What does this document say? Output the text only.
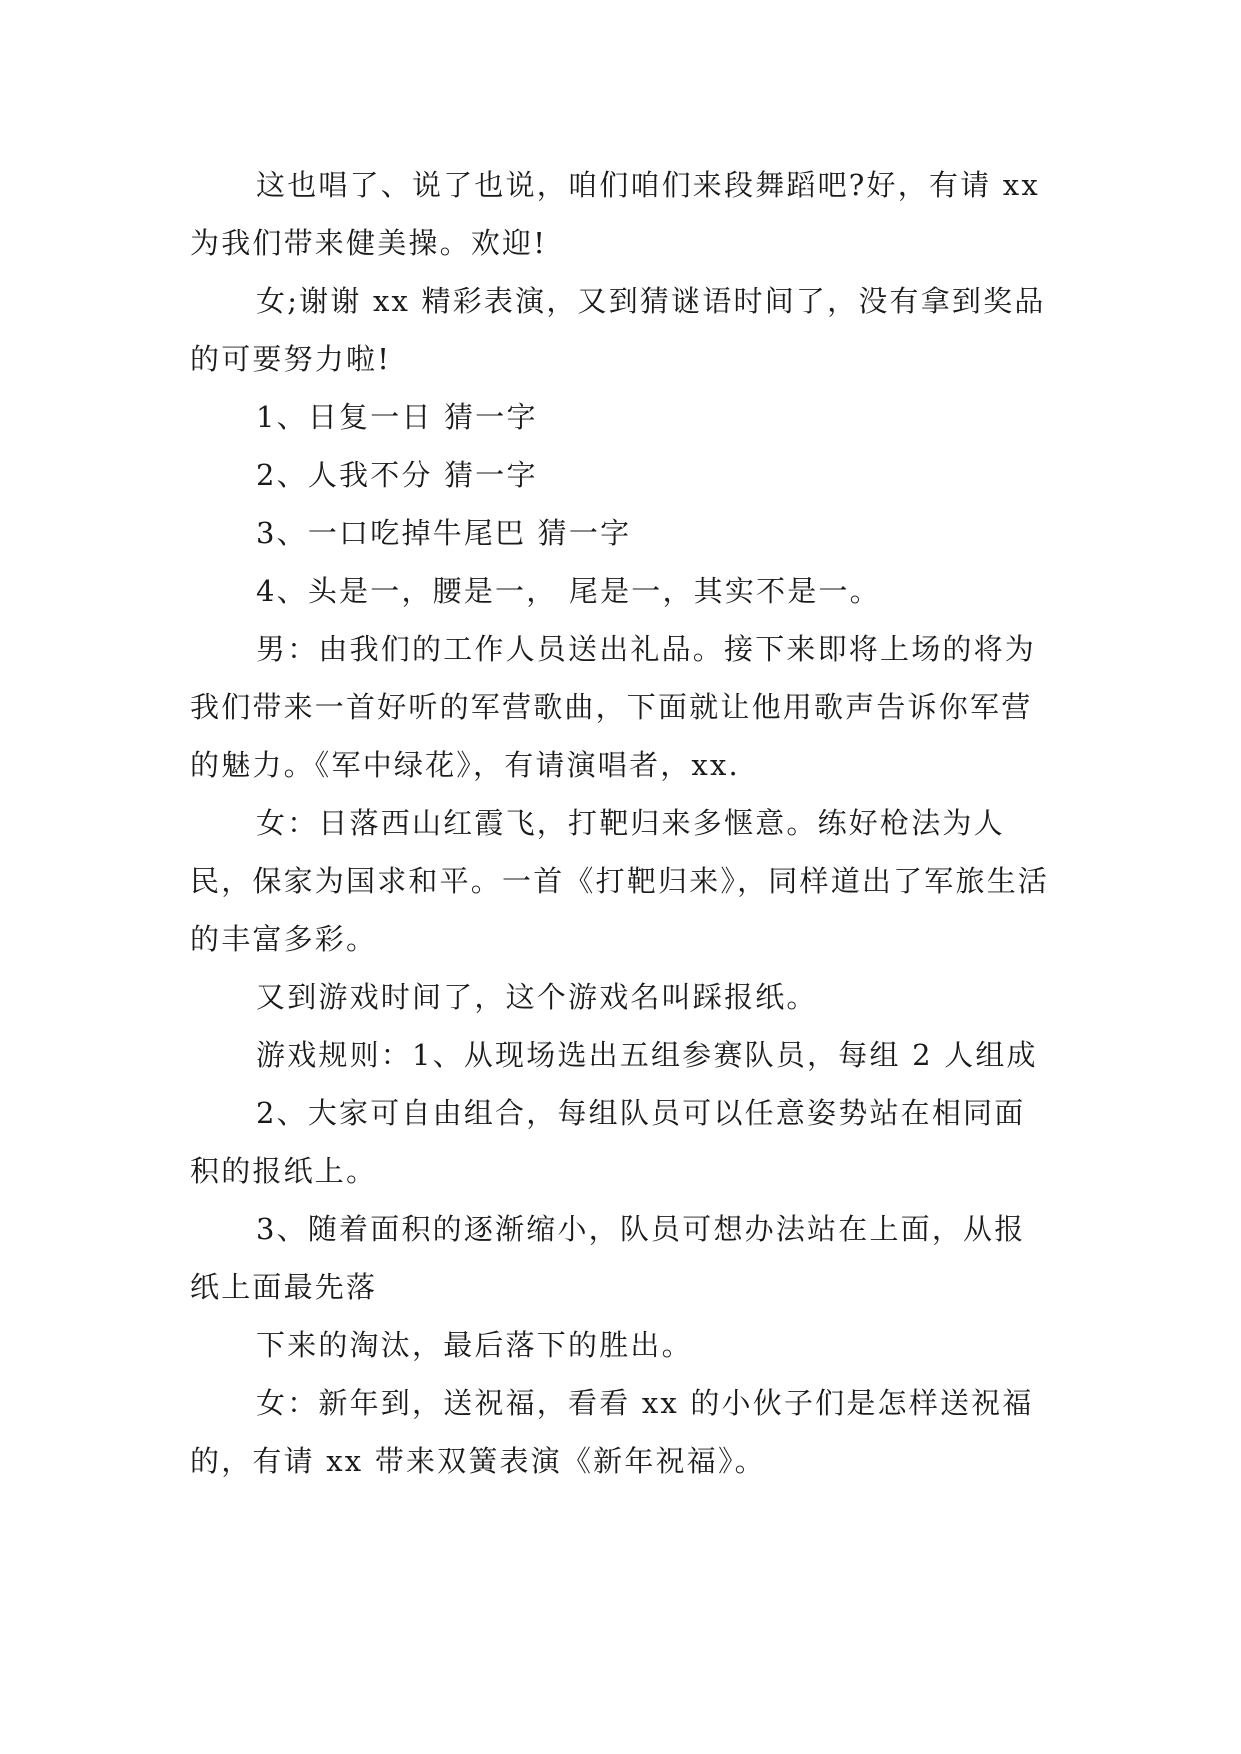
这也唱了、说了也说，咱们咱们来段舞蹈吧?好，有请 xx 为我们带来健美操。欢迎!

女;谢谢 xx 精彩表演，又到猜谜语时间了，没有拿到奖品的可要努力啦!

1、日复一日 猜一字

2、人我不分 猜一字

3、一口吃掉牛尾巴 猜一字

4、头是一，腰是一， 尾是一，其实不是一。

男：由我们的工作人员送出礼品。接下来即将上场的将为我们带来一首好听的军营歌曲，下面就让他用歌声告诉你军营的魅力。《军中绿花》，有请演唱者，xx.

女：日落西山红霞飞，打靶归来多惬意。练好枪法为人民，保家为国求和平。一首《打靶归来》，同样道出了军旅生活的丰富多彩。

又到游戏时间了，这个游戏名叫踩报纸。

游戏规则：1、从现场选出五组参赛队员，每组 2 人组成

2、大家可自由组合，每组队员可以任意姿势站在相同面积的报纸上。

3、随着面积的逐渐缩小，队员可想办法站在上面，从报纸上面最先落

下来的淘汰，最后落下的胜出。

女：新年到，送祝福，看看 xx 的小伙子们是怎样送祝福的，有请 xx 带来双簧表演《新年祝福》。
